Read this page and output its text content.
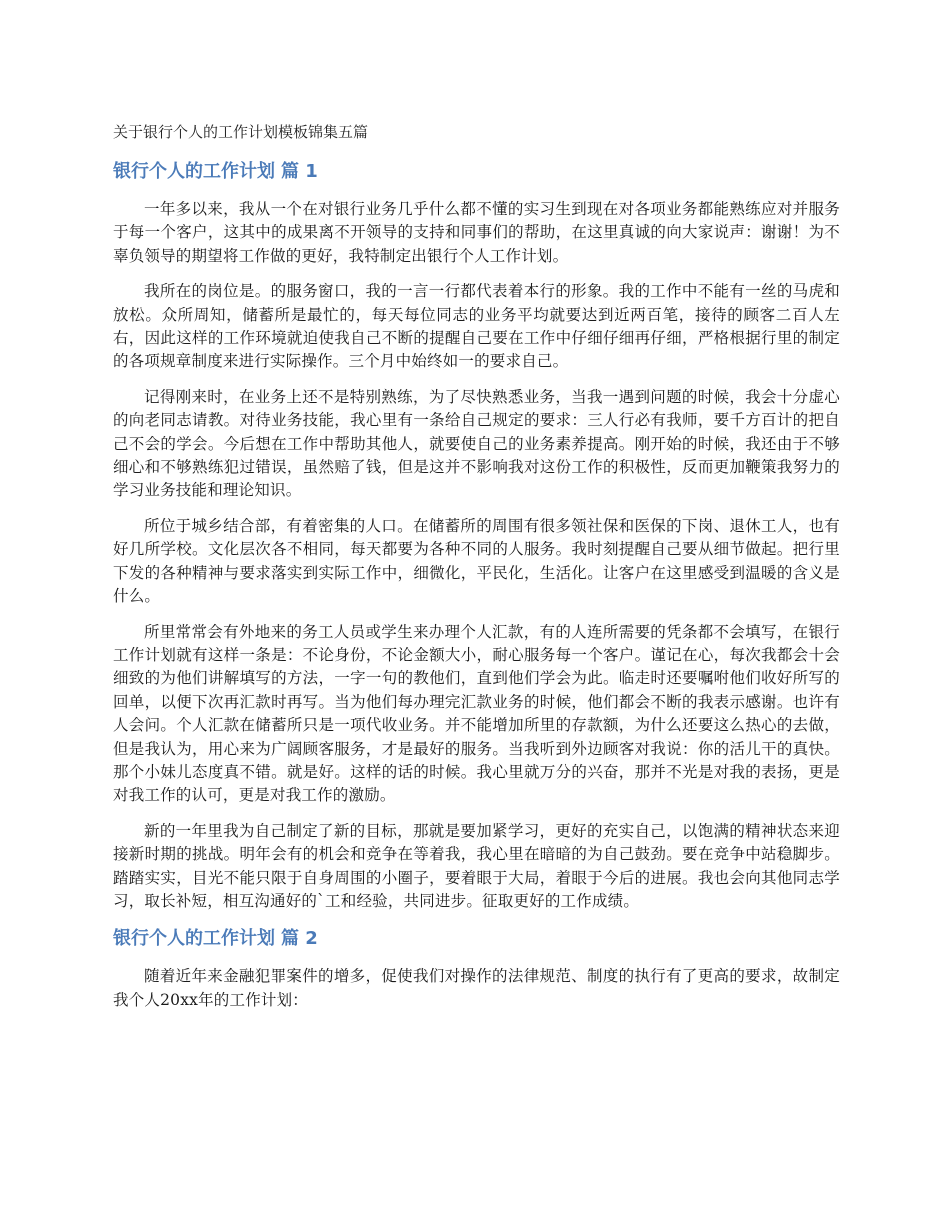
关于银行个人的工作计划模板锦集五篇
银行个人的工作计划 篇 1

一年多以来，我从一个在对银行业务几乎什么都不懂的实习生到现在对各项业务都能熟练应对并服务于每一个客户，这其中的成果离不开领导的支持和同事们的帮助，在这里真诚的向大家说声：谢谢！为不辜负领导的期望将工作做的更好，我特制定出银行个人工作计划。

我所在的岗位是。的服务窗口，我的一言一行都代表着本行的形象。我的工作中不能有一丝的马虎和放松。众所周知，储蓄所是最忙的，每天每位同志的业务平均就要达到近两百笔，接待的顾客二百人左右，因此这样的工作环境就迫使我自己不断的提醒自己要在工作中仔细仔细再仔细，严格根据行里的制定的各项规章制度来进行实际操作。三个月中始终如一的要求自己。

记得刚来时，在业务上还不是特别熟练，为了尽快熟悉业务，当我一遇到问题的时候，我会十分虚心的向老同志请教。对待业务技能，我心里有一条给自己规定的要求：三人行必有我师，要千方百计的把自己不会的学会。今后想在工作中帮助其他人，就要使自己的业务素养提高。刚开始的时候，我还由于不够细心和不够熟练犯过错误，虽然赔了钱，但是这并不影响我对这份工作的积极性，反而更加鞭策我努力的学习业务技能和理论知识。

所位于城乡结合部，有着密集的人口。在储蓄所的周围有很多领社保和医保的下岗、退休工人，也有好几所学校。文化层次各不相同，每天都要为各种不同的人服务。我时刻提醒自己要从细节做起。把行里下发的各种精神与要求落实到实际工作中，细微化，平民化，生活化。让客户在这里感受到温暖的含义是什么。

所里常常会有外地来的务工人员或学生来办理个人汇款，有的人连所需要的凭条都不会填写，在银行工作计划就有这样一条是：不论身份，不论金额大小，耐心服务每一个客户。谨记在心，每次我都会十会细致的为他们讲解填写的方法，一字一句的教他们，直到他们学会为此。临走时还要嘱咐他们收好所写的回单，以便下次再汇款时再写。当为他们每办理完汇款业务的时候，他们都会不断的我表示感谢。也许有人会问。个人汇款在储蓄所只是一项代收业务。并不能增加所里的存款额，为什么还要这么热心的去做，但是我认为，用心来为广阔顾客服务，才是最好的服务。当我听到外边顾客对我说：你的活儿干的真快。那个小妹儿态度真不错。就是好。这样的话的时候。我心里就万分的兴奋，那并不光是对我的表扬，更是对我工作的认可，更是对我工作的激励。

新的一年里我为自己制定了新的目标，那就是要加紧学习，更好的充实自己，以饱满的精神状态来迎接新时期的挑战。明年会有的机会和竞争在等着我，我心里在暗暗的为自己鼓劲。要在竞争中站稳脚步。踏踏实实，目光不能只限于自身周围的小圈子，要着眼于大局，着眼于今后的进展。我也会向其他同志学习，取长补短，相互沟通好的`工和经验，共同进步。征取更好的工作成绩。

银行个人的工作计划 篇 2

随着近年来金融犯罪案件的增多，促使我们对操作的法律规范、制度的执行有了更高的要求，故制定我个人20xx年的工作计划：
